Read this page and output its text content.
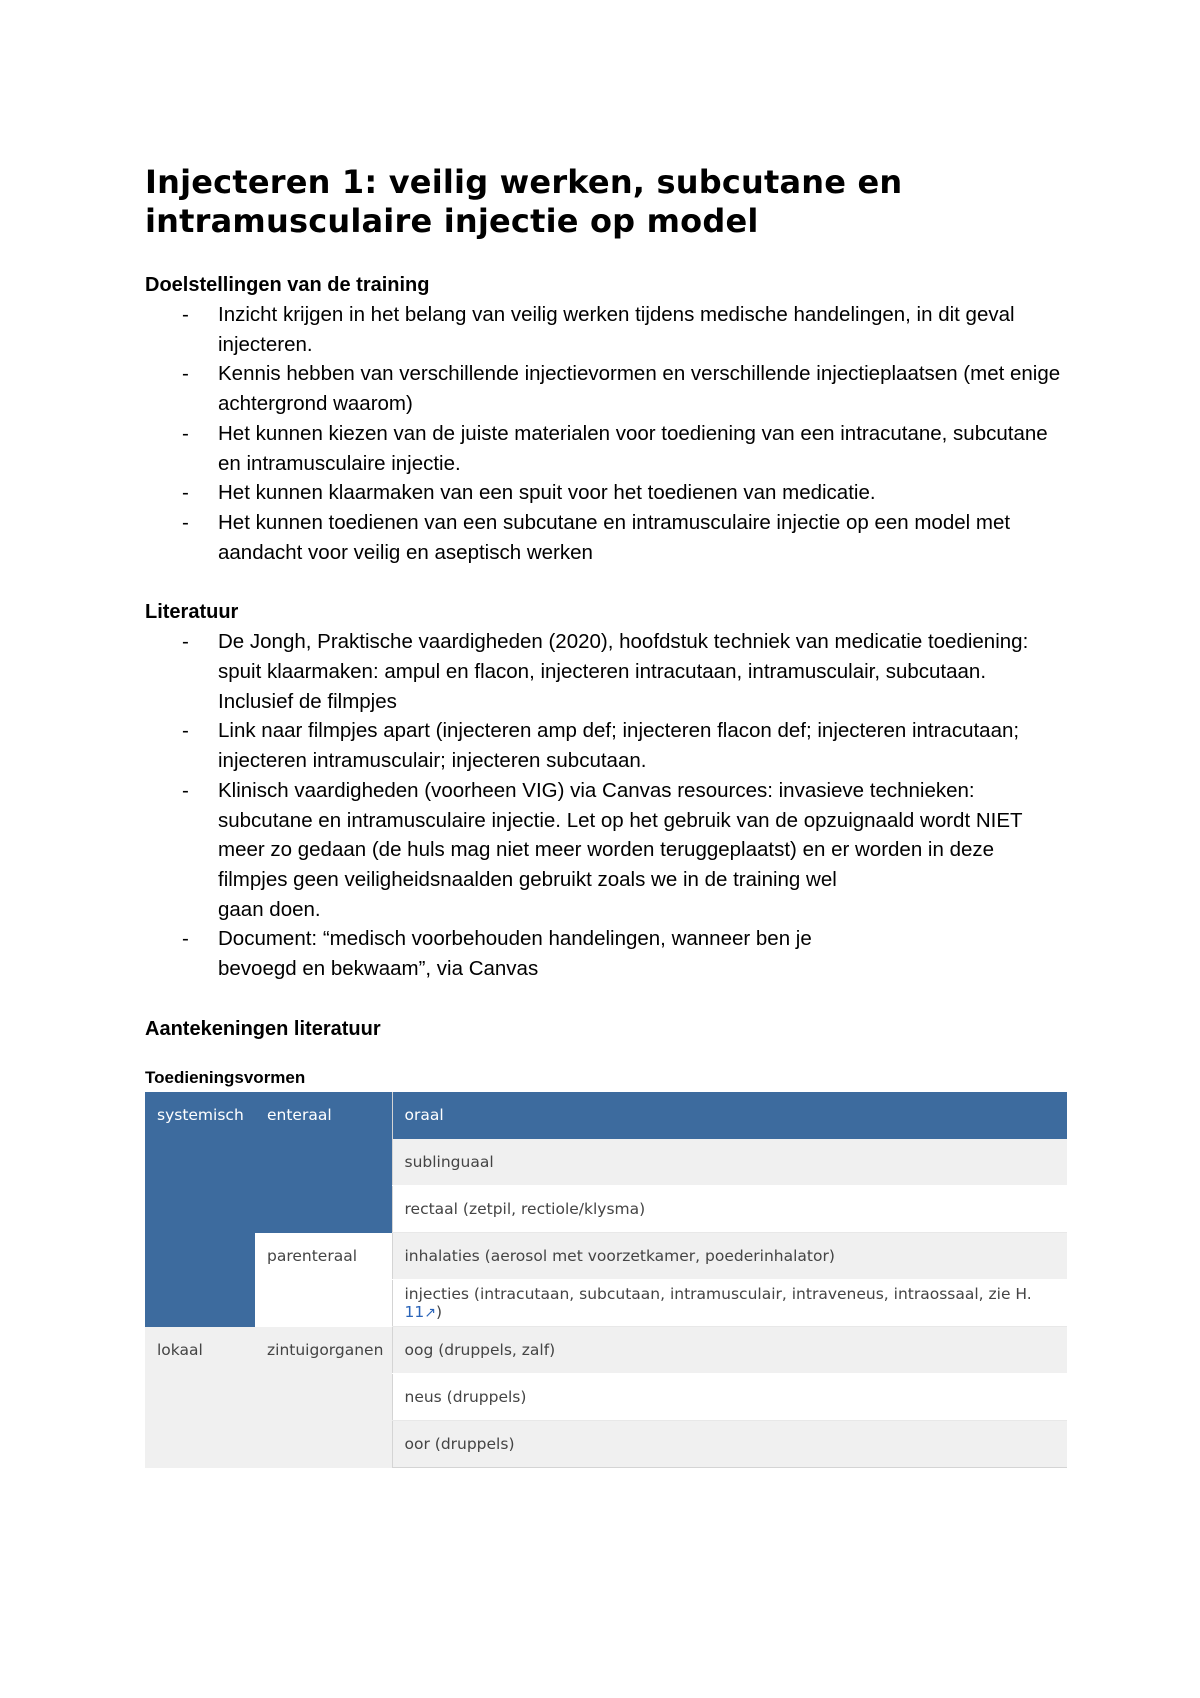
Injecteren 1: veilig werken, subcutane en
intramusculaire injectie op model
Doelstellingen van de training
- Inzicht krijgen in het belang van veilig werken tijdens medische handelingen, in dit geval injecteren.
- Kennis hebben van verschillende injectievormen en verschillende injectieplaatsen (met enige achtergrond waarom)
- Het kunnen kiezen van de juiste materialen voor toediening van een intracutane, subcutane en intramusculaire injectie.
- Het kunnen klaarmaken van een spuit voor het toedienen van medicatie.
- Het kunnen toedienen van een subcutane en intramusculaire injectie op een model met aandacht voor veilig en aseptisch werken
Literatuur
- De Jongh, Praktische vaardigheden (2020), hoofdstuk techniek van medicatie toediening: spuit klaarmaken: ampul en flacon, injecteren intracutaan, intramusculair, subcutaan. Inclusief de filmpjes
- Link naar filmpjes apart (injecteren amp def; injecteren flacon def; injecteren intracutaan; injecteren intramusculair; injecteren subcutaan.
- Klinisch vaardigheden (voorheen VIG) via Canvas resources: invasieve technieken: subcutane en intramusculaire injectie. Let op het gebruik van de opzuignaald wordt NIET meer zo gedaan (de huls mag niet meer worden teruggeplaatst) en er worden in deze filmpjes geen veiligheidsnaalden gebruikt zoals we in de training wel
gaan doen.
- Document: “medisch voorbehouden handelingen, wanneer ben je
bevoegd en bekwaam”, via Canvas
Aantekeningen literatuur
Toedieningsvormen
systemisch	enteraal	oraal
		sublinguaal
		rectaal (zetpil, rectiole/klysma)
	parenteraal	inhalaties (aerosol met voorzetkamer, poederinhalator)
		injecties (intracutaan, subcutaan, intramusculair, intraveneus, intraossaal, zie H. 11↗)
lokaal	zintuigorganen	oog (druppels, zalf)
		neus (druppels)
		oor (druppels)
